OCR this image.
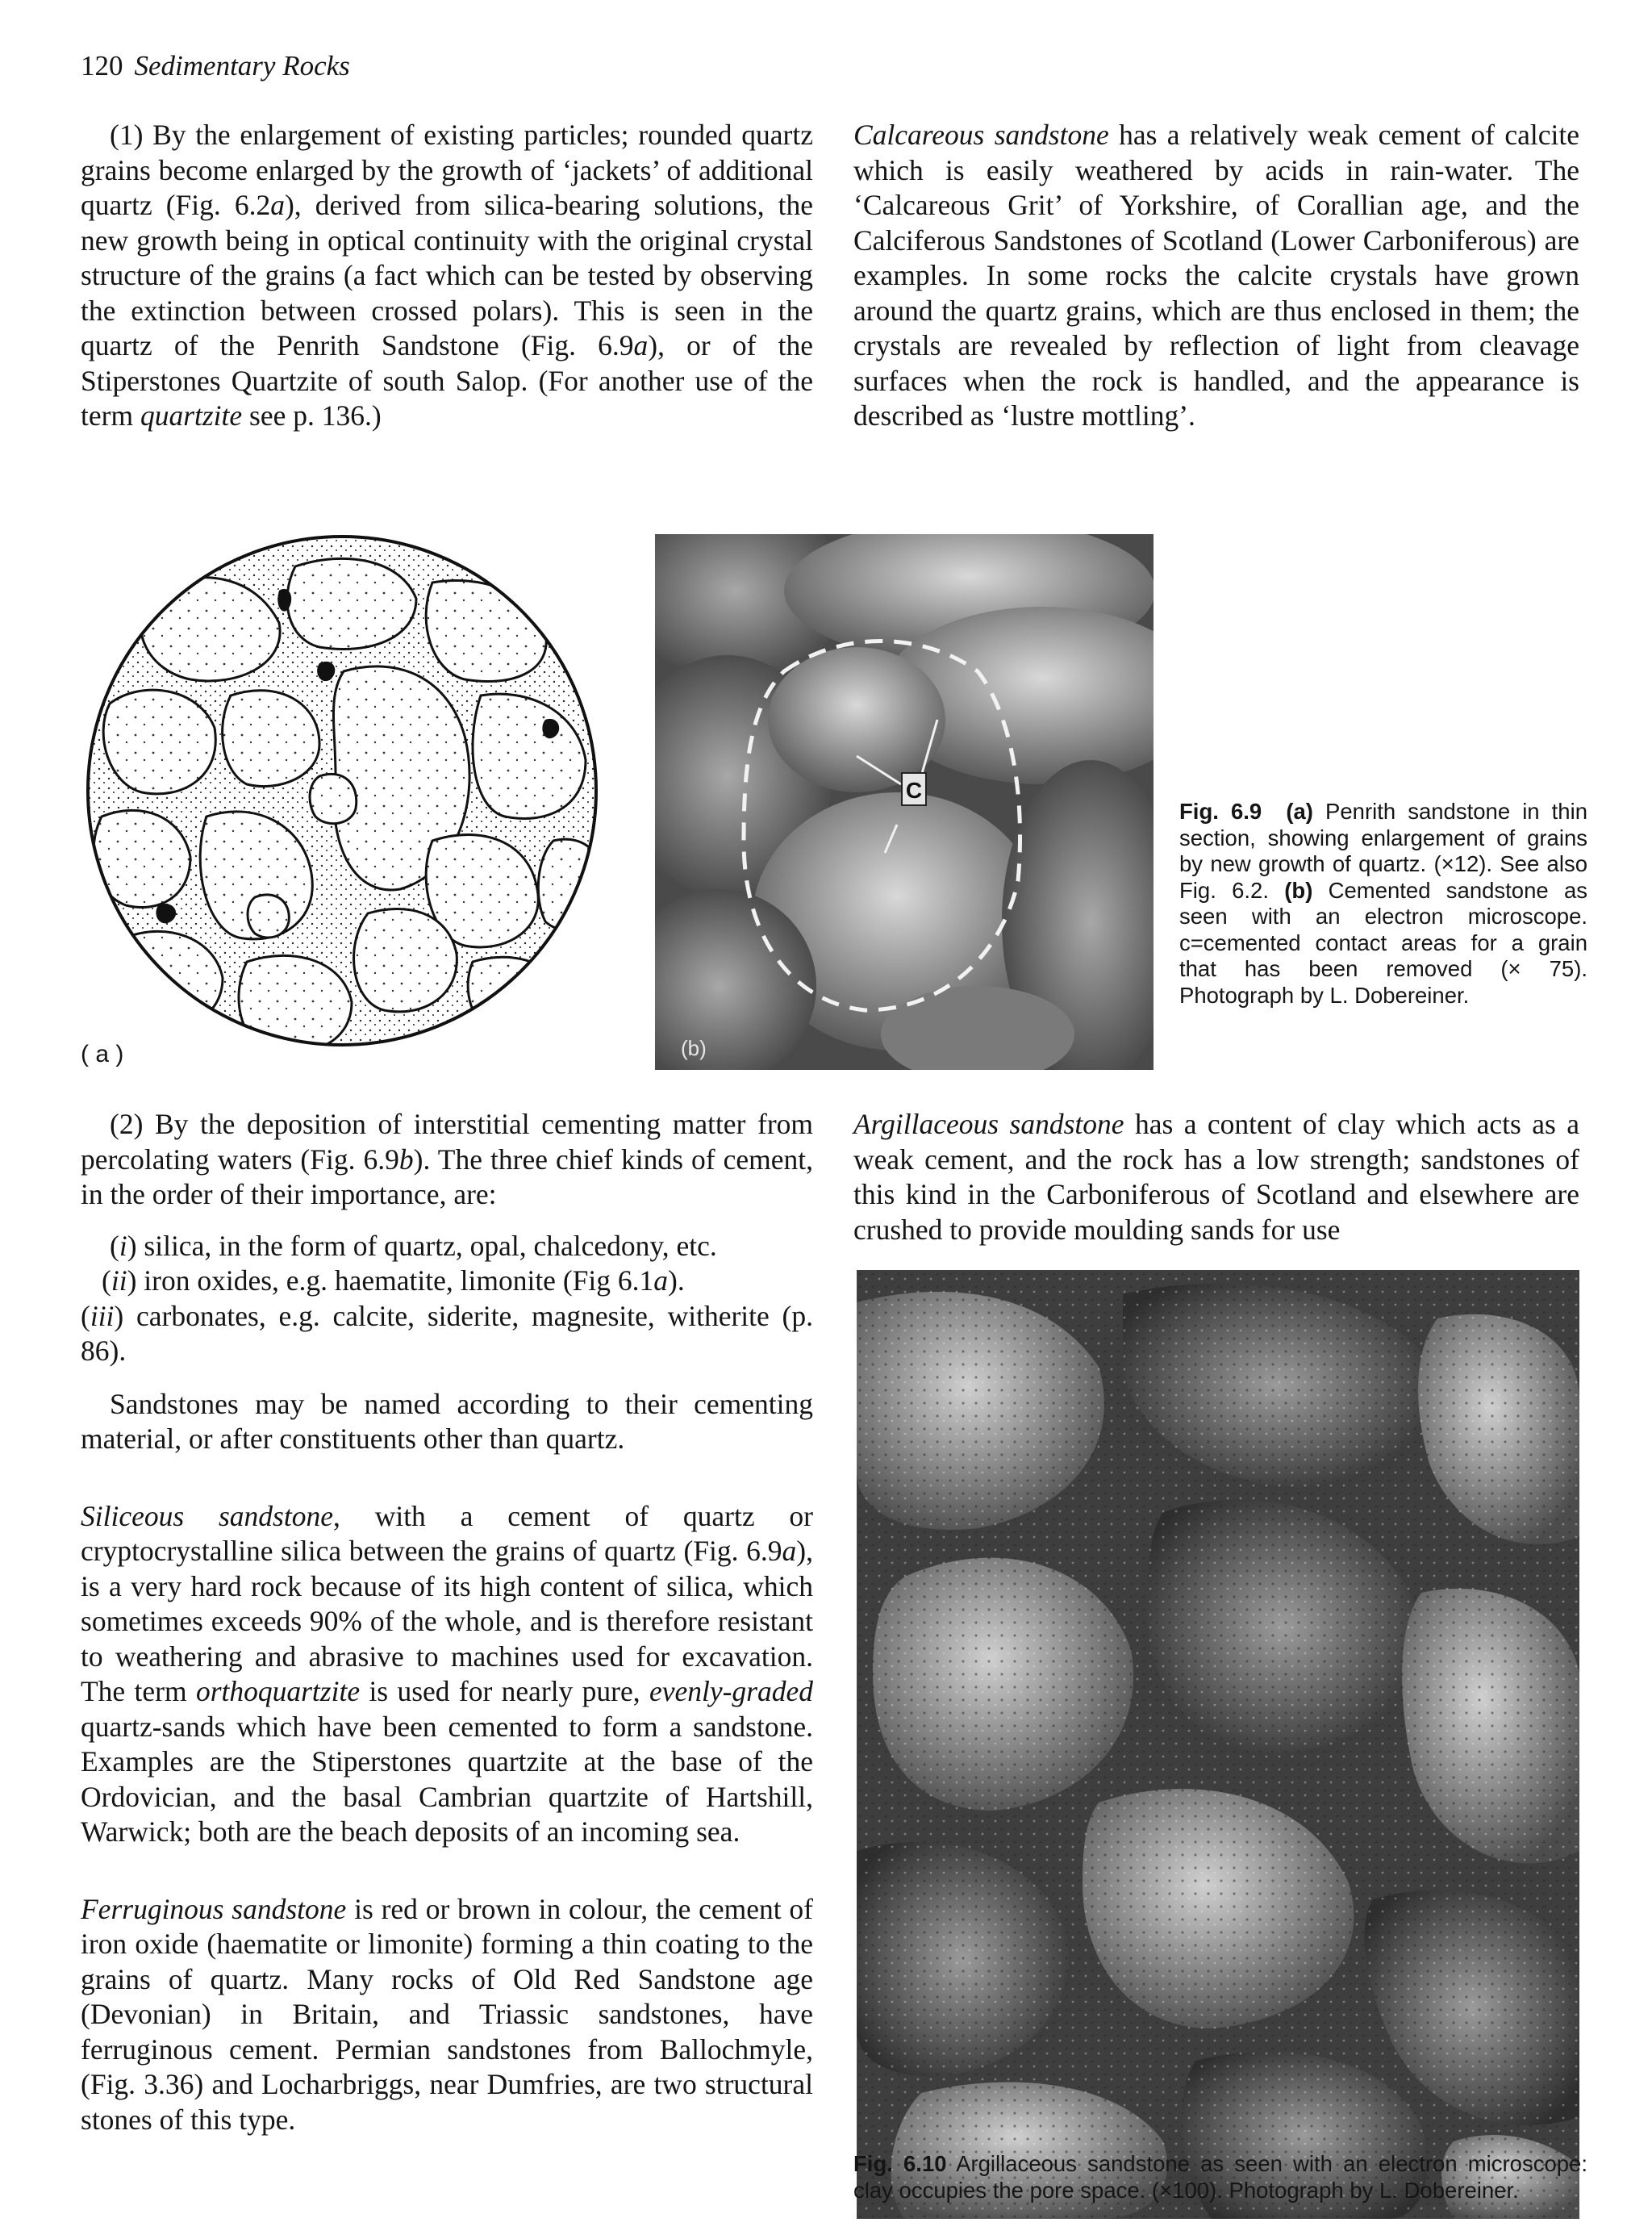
120 Sedimentary Rocks

(1) By the enlargement of existing particles; rounded quartz grains become enlarged by the growth of ‘jackets’ of additional quartz (Fig. 6.2a), derived from silica-bearing solutions, the new growth being in optical continuity with the original crystal structure of the grains (a fact which can be tested by observing the extinction between crossed polars). This is seen in the quartz of the Penrith Sandstone (Fig. 6.9a), or of the Stiperstones Quartzite of south Salop. (For another use of the term quartzite see p. 136.)

Calcareous sandstone has a relatively weak cement of calcite which is easily weathered by acids in rain-water. The ‘Calcareous Grit’ of Yorkshire, of Corallian age, and the Calciferous Sandstones of Scotland (Lower Carboniferous) are examples. In some rocks the calcite crystals have grown around the quartz grains, which are thus enclosed in them; the crystals are revealed by reflection of light from cleavage surfaces when the rock is handled, and the appearance is described as ‘lustre mottling’.

( a )
C
(b)
Fig. 6.9 (a) Penrith sandstone in thin section, showing enlargement of grains by new growth of quartz. (×12). See also Fig. 6.2. (b) Cemented sandstone as seen with an electron microscope. c=cemented contact areas for a grain that has been removed (× 75). Photograph by L. Dobereiner.

(2) By the deposition of interstitial cementing matter from percolating waters (Fig. 6.9b). The three chief kinds of cement, in the order of their importance, are:

(i) silica, in the form of quartz, opal, chalcedony, etc.

(ii) iron oxides, e.g. haematite, limonite (Fig 6.1a).

(iii) carbonates, e.g. calcite, siderite, magnesite, witherite (p. 86).

Sandstones may be named according to their cementing material, or after constituents other than quartz.

Siliceous sandstone, with a cement of quartz or cryptocrystalline silica between the grains of quartz (Fig. 6.9a), is a very hard rock because of its high content of silica, which sometimes exceeds 90% of the whole, and is therefore resistant to weathering and abrasive to machines used for excavation. The term orthoquartzite is used for nearly pure, evenly-graded quartz-sands which have been cemented to form a sandstone. Examples are the Stiperstones quartzite at the base of the Ordovician, and the basal Cambrian quartzite of Hartshill, Warwick; both are the beach deposits of an incoming sea.

Ferruginous sandstone is red or brown in colour, the cement of iron oxide (haematite or limonite) forming a thin coating to the grains of quartz. Many rocks of Old Red Sandstone age (Devonian) in Britain, and Triassic sandstones, have ferruginous cement. Permian sandstones from Ballochmyle, (Fig. 3.36) and Locharbriggs, near Dumfries, are two structural stones of this type.

Argillaceous sandstone has a content of clay which acts as a weak cement, and the rock has a low strength; sandstones of this kind in the Carboniferous of Scotland and elsewhere are crushed to provide moulding sands for use

Fig. 6.10 Argillaceous sandstone as seen with an electron microscope: clay occupies the pore space. (×100). Photograph by L. Dobereiner.
